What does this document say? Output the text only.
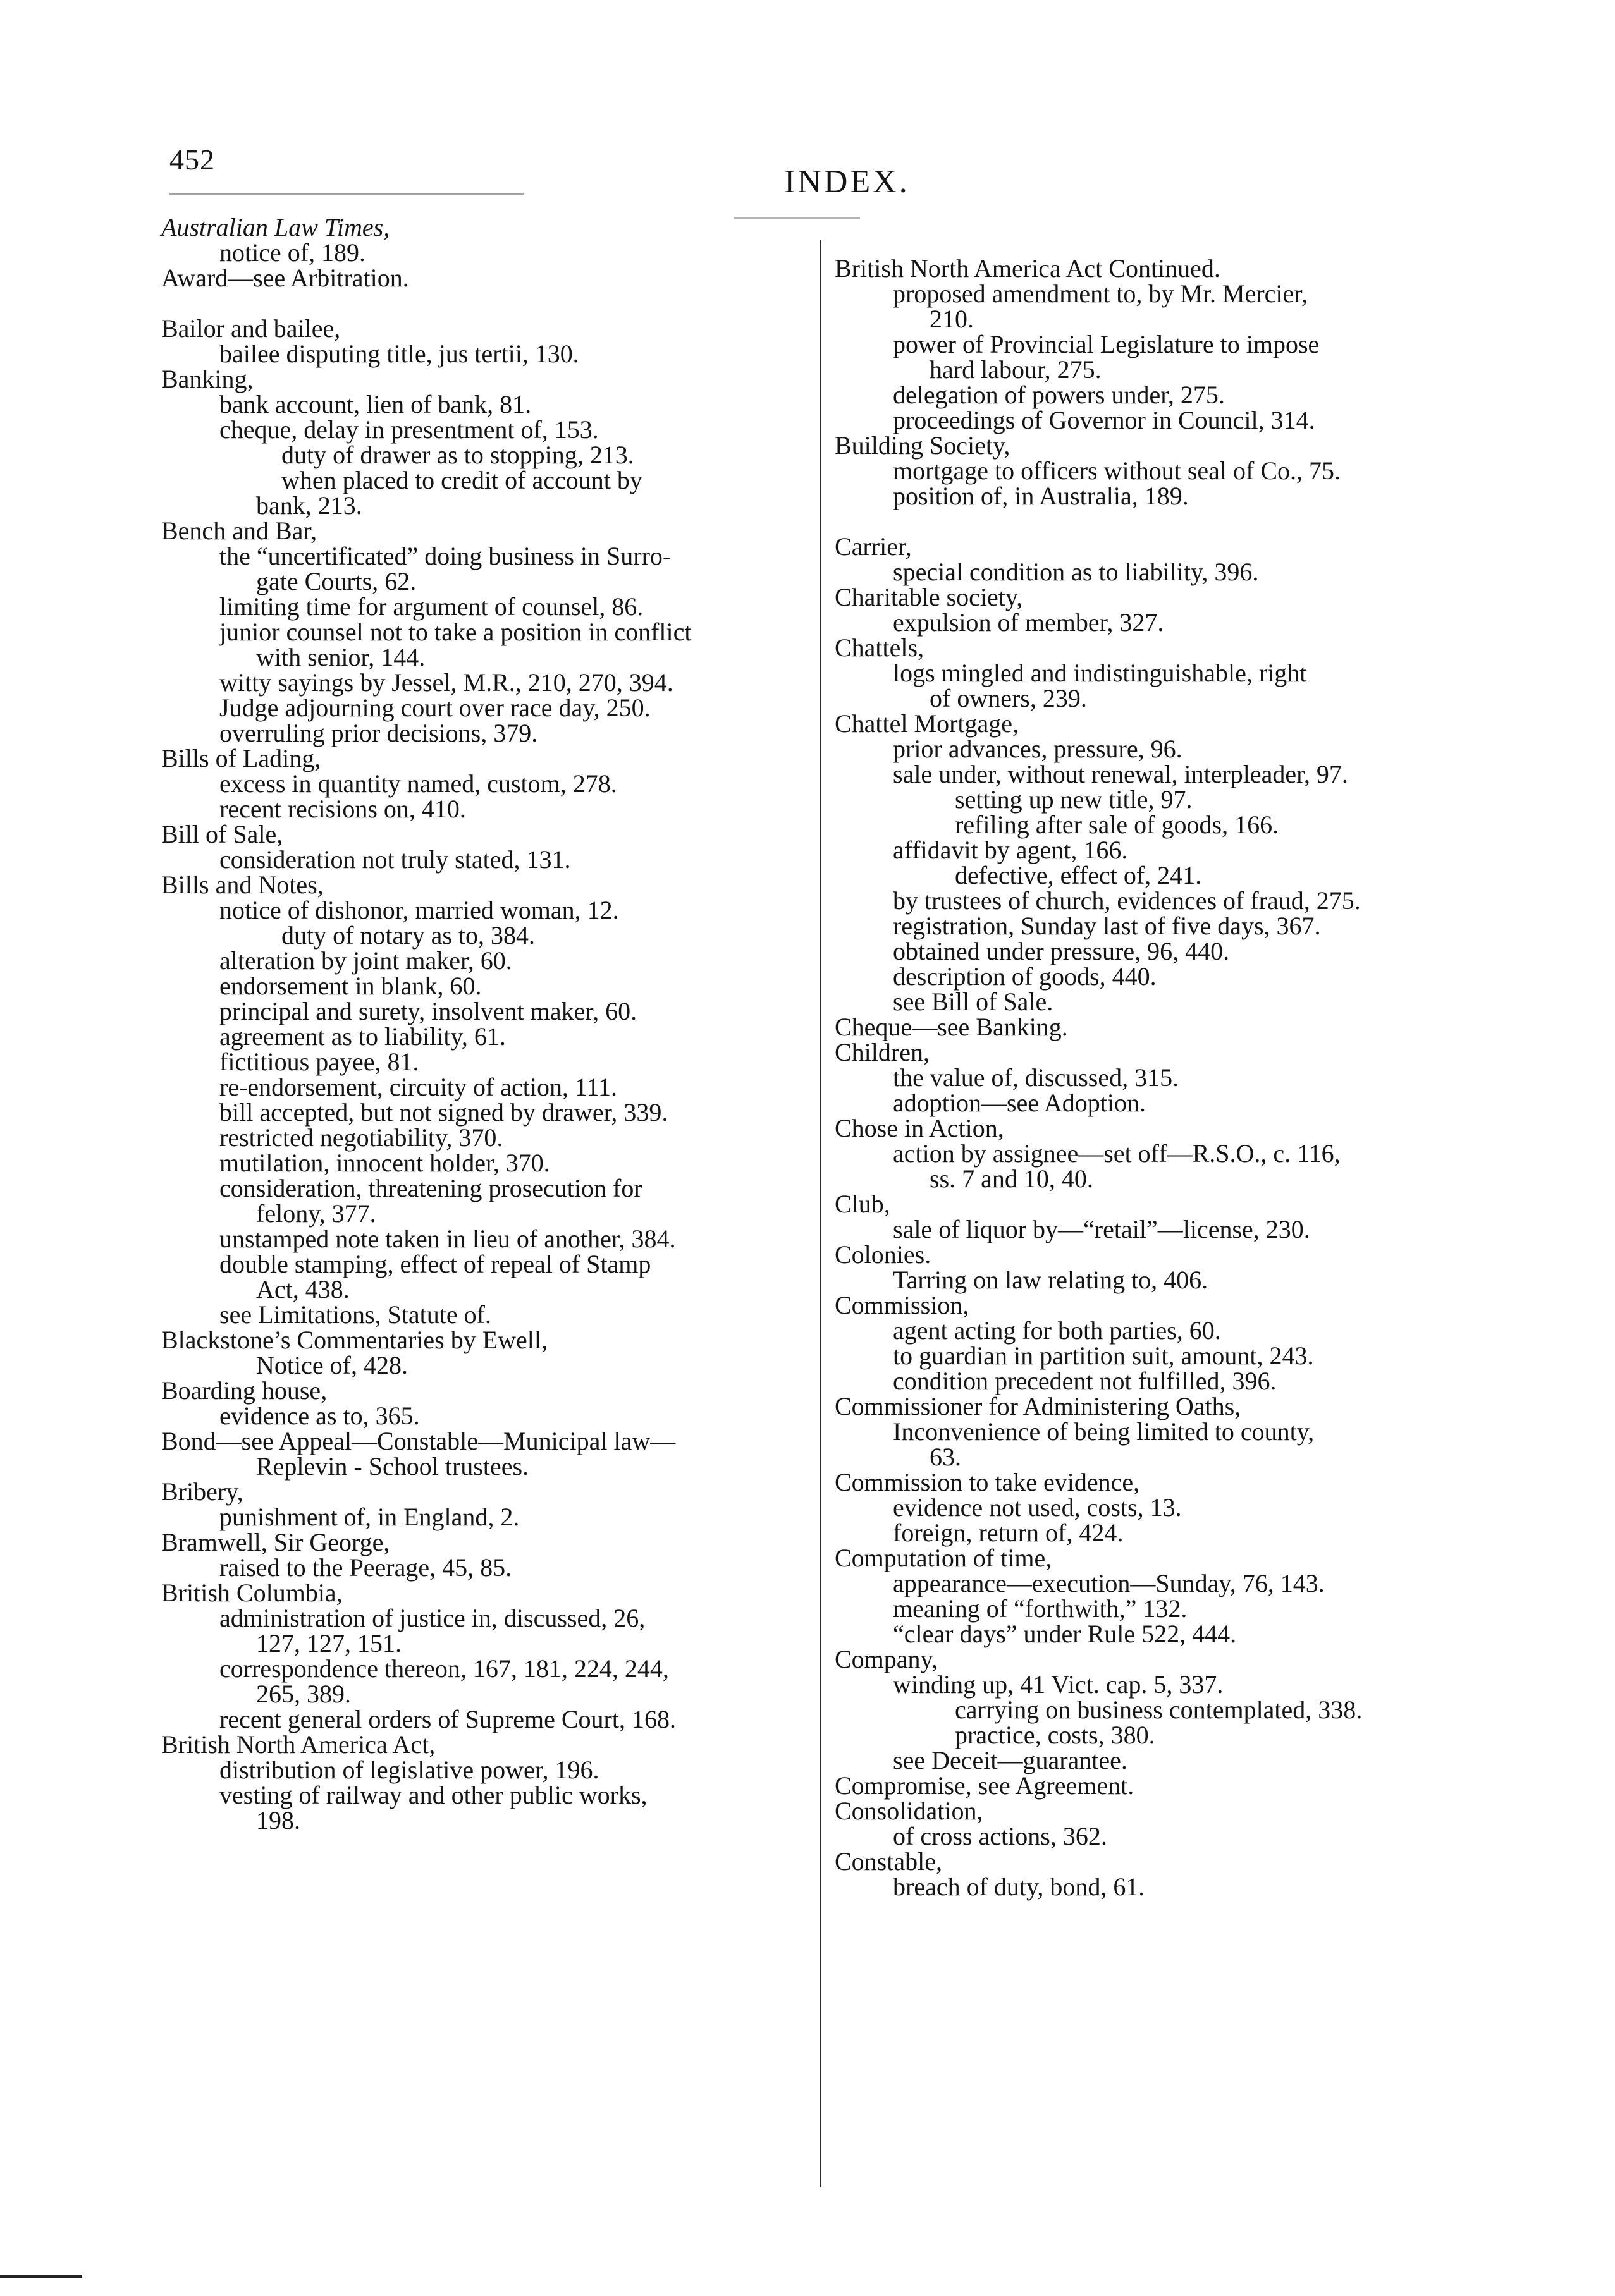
452
INDEX.
Australian Law Times,
notice of, 189.
Award—see Arbitration.
Bailor and bailee,
bailee disputing title, jus tertii, 130.
Banking,
bank account, lien of bank, 81.
cheque, delay in presentment of, 153.
duty of drawer as to stopping, 213.
when placed to credit of account by
bank, 213.
Bench and Bar,
the “uncertificated” doing business in Surro-
gate Courts, 62.
limiting time for argument of counsel, 86.
junior counsel not to take a position in conflict
with senior, 144.
witty sayings by Jessel, M.R., 210, 270, 394.
Judge adjourning court over race day, 250.
overruling prior decisions, 379.
Bills of Lading,
excess in quantity named, custom, 278.
recent recisions on, 410.
Bill of Sale,
consideration not truly stated, 131.
Bills and Notes,
notice of dishonor, married woman, 12.
duty of notary as to, 384.
alteration by joint maker, 60.
endorsement in blank, 60.
principal and surety, insolvent maker, 60.
agreement as to liability, 61.
fictitious payee, 81.
re-endorsement, circuity of action, 111.
bill accepted, but not signed by drawer, 339.
restricted negotiability, 370.
mutilation, innocent holder, 370.
consideration, threatening prosecution for
felony, 377.
unstamped note taken in lieu of another, 384.
double stamping, effect of repeal of Stamp
Act, 438.
see Limitations, Statute of.
Blackstone’s Commentaries by Ewell,
Notice of, 428.
Boarding house,
evidence as to, 365.
Bond—see Appeal—Constable—Municipal law—
Replevin - School trustees.
Bribery,
punishment of, in England, 2.
Bramwell, Sir George,
raised to the Peerage, 45, 85.
British Columbia,
administration of justice in, discussed, 26,
127, 127, 151.
correspondence thereon, 167, 181, 224, 244,
265, 389.
recent general orders of Supreme Court, 168.
British North America Act,
distribution of legislative power, 196.
vesting of railway and other public works,
198.
British North America Act Continued.
proposed amendment to, by Mr. Mercier,
210.
power of Provincial Legislature to impose
hard labour, 275.
delegation of powers under, 275.
proceedings of Governor in Council, 314.
Building Society,
mortgage to officers without seal of Co., 75.
position of, in Australia, 189.
Carrier,
special condition as to liability, 396.
Charitable society,
expulsion of member, 327.
Chattels,
logs mingled and indistinguishable, right
of owners, 239.
Chattel Mortgage,
prior advances, pressure, 96.
sale under, without renewal, interpleader, 97.
setting up new title, 97.
refiling after sale of goods, 166.
affidavit by agent, 166.
defective, effect of, 241.
by trustees of church, evidences of fraud, 275.
registration, Sunday last of five days, 367.
obtained under pressure, 96, 440.
description of goods, 440.
see Bill of Sale.
Cheque—see Banking.
Children,
the value of, discussed, 315.
adoption—see Adoption.
Chose in Action,
action by assignee—set off—R.S.O., c. 116,
ss. 7 and 10, 40.
Club,
sale of liquor by—“retail”—license, 230.
Colonies.
Tarring on law relating to, 406.
Commission,
agent acting for both parties, 60.
to guardian in partition suit, amount, 243.
condition precedent not fulfilled, 396.
Commissioner for Administering Oaths,
Inconvenience of being limited to county,
63.
Commission to take evidence,
evidence not used, costs, 13.
foreign, return of, 424.
Computation of time,
appearance—execution—Sunday, 76, 143.
meaning of “forthwith,” 132.
“clear days” under Rule 522, 444.
Company,
winding up, 41 Vict. cap. 5, 337.
carrying on business contemplated, 338.
practice, costs, 380.
see Deceit—guarantee.
Compromise, see Agreement.
Consolidation,
of cross actions, 362.
Constable,
breach of duty, bond, 61.
